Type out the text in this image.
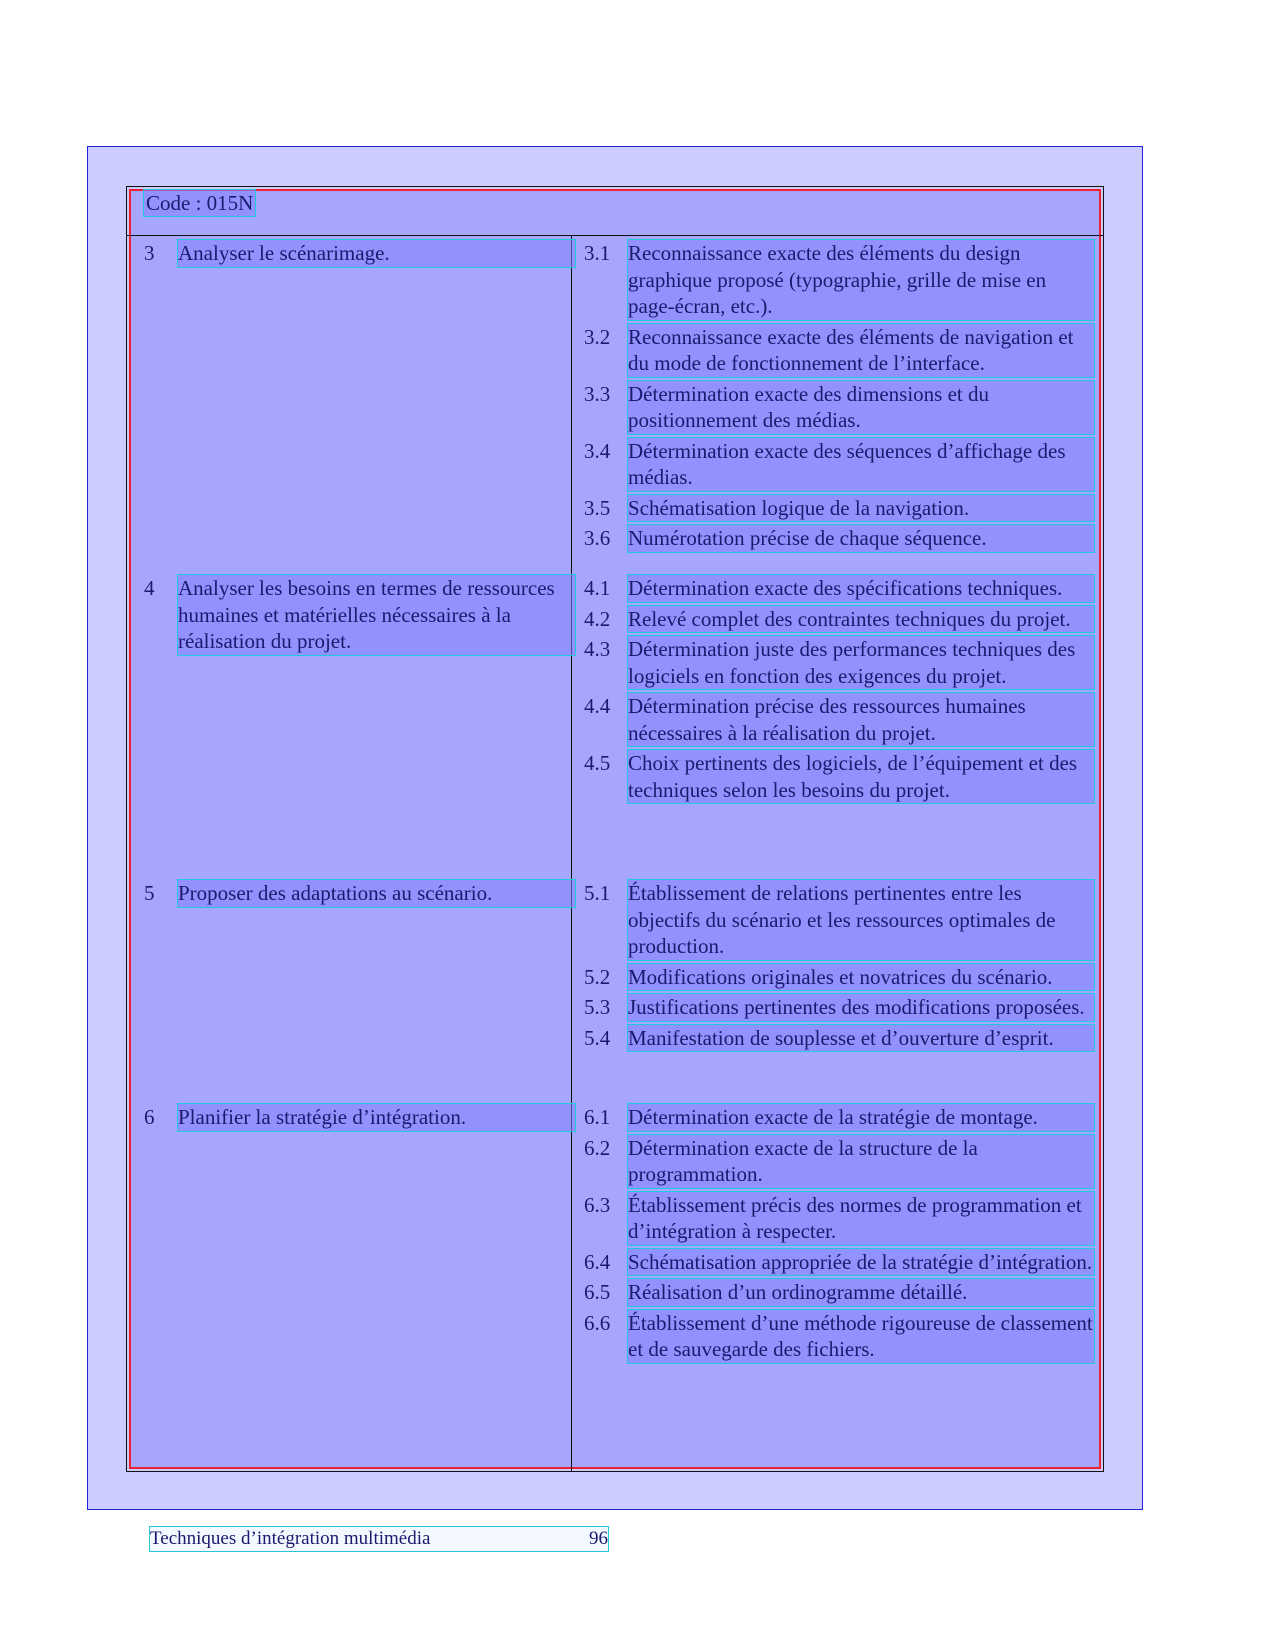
Code : 015N
3	Analyser le scénarimage.	3.1 Reconnaissance exacte des éléments du design graphique proposé (typographie, grille de mise en page-écran, etc.).
3.2 Reconnaissance exacte des éléments de navigation et du mode de fonctionnement de l’interface.
3.3 Détermination exacte des dimensions et du positionnement des médias.
3.4 Détermination exacte des séquences d’affichage des médias.
3.5 Schématisation logique de la navigation.
3.6 Numérotation précise de chaque séquence.
4	Analyser les besoins en termes de ressources humaines et matérielles nécessaires à la réalisation du projet.
4.1 Détermination exacte des spécifications techniques.
4.2 Relevé complet des contraintes techniques du projet.
4.3 Détermination juste des performances techniques des logiciels en fonction des exigences du projet.
4.4 Détermination précise des ressources humaines nécessaires à la réalisation du projet.
4.5 Choix pertinents des logiciels, de l’équipement et des techniques selon les besoins du projet.
5	Proposer des adaptations au scénario.	5.1 Établissement de relations pertinentes entre les objectifs du scénario et les ressources optimales de production.
5.2 Modifications originales et novatrices du scénario.
5.3 Justifications pertinentes des modifications proposées.
5.4 Manifestation de souplesse et d’ouverture d’esprit.
6	Planifier la stratégie d’intégration.	6.1 Détermination exacte de la stratégie de montage.
6.2 Détermination exacte de la structure de la programmation.
6.3 Établissement précis des normes de programmation et d’intégration à respecter.
6.4 Schématisation appropriée de la stratégie d’intégration.
6.5 Réalisation d’un ordinogramme détaillé.
6.6 Établissement d’une méthode rigoureuse de classement et de sauvegarde des fichiers.
Techniques d’intégration multimédia	96
